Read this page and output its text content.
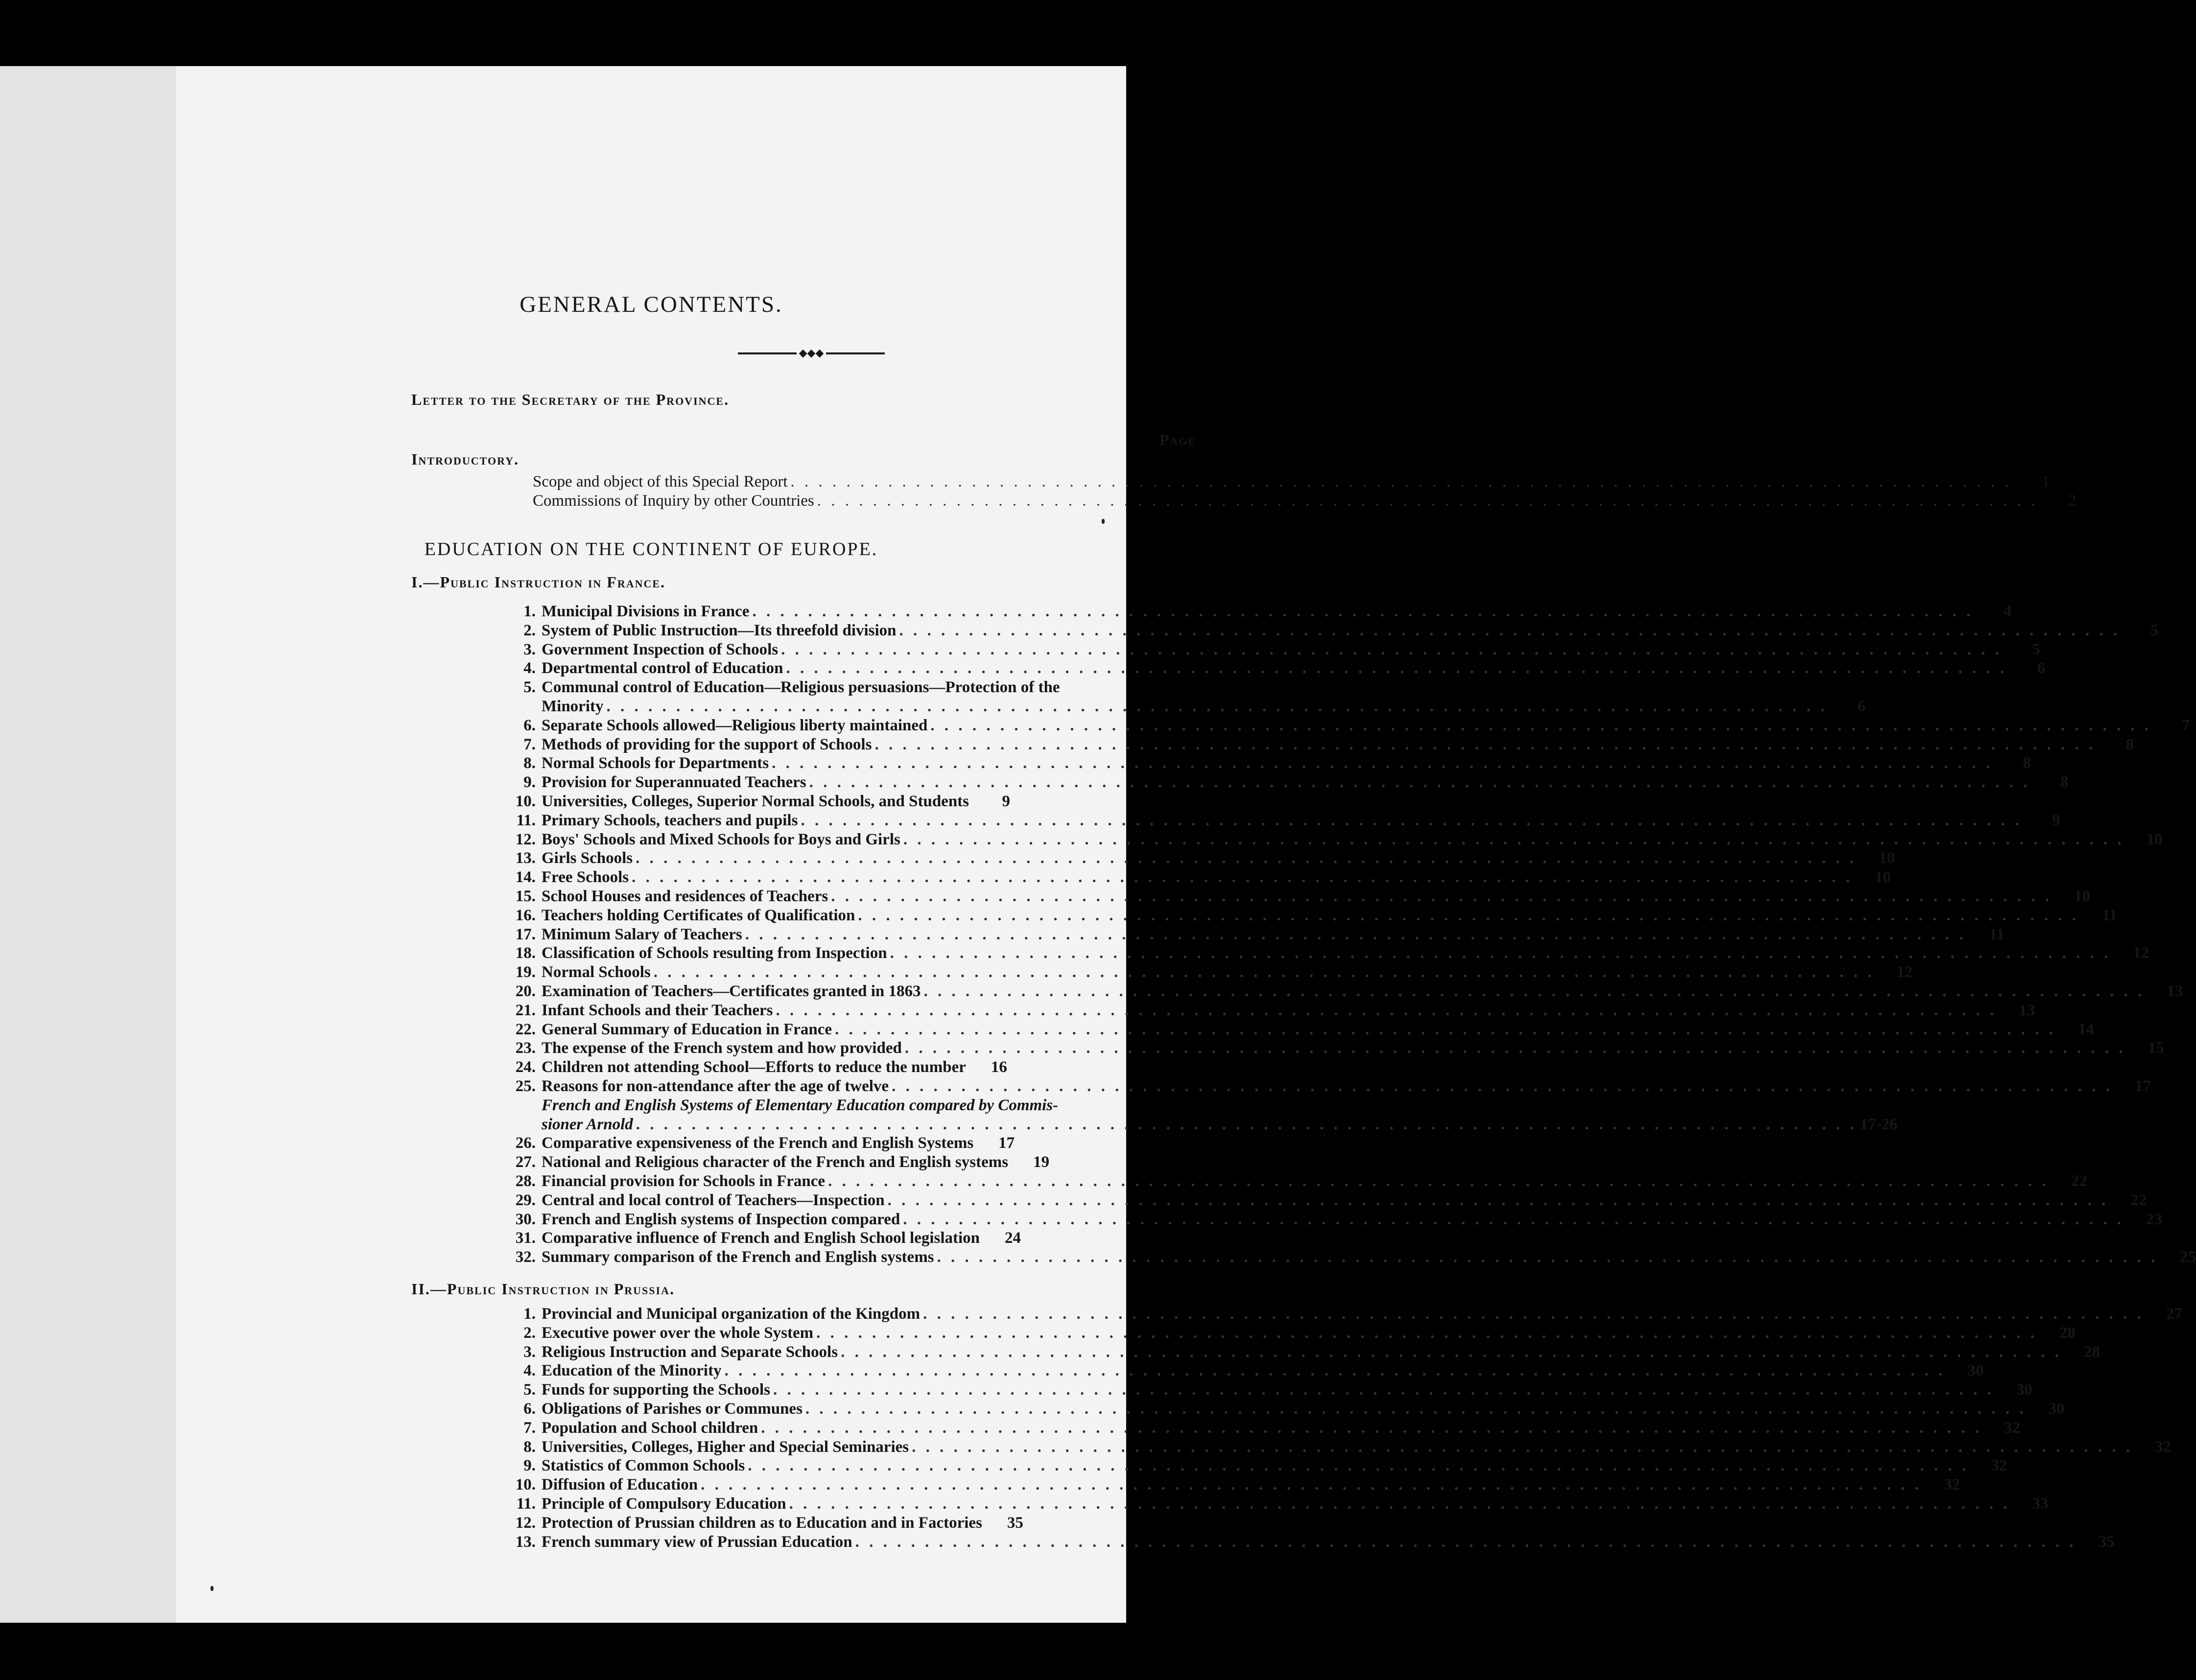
GENERAL CONTENTS.
◆◆◆
Letter to the Secretary of the Province.
Page
Introductory.
Scope and object of this Special Report . . .	1
Commissions of Inquiry by other Countries . . .	2
EDUCATION ON THE CONTINENT OF EUROPE.
I.—Public Instruction in France.
1. Municipal Divisions in France . . .	4
2. System of Public Instruction—Its threefold division . . .	5
3. Government Inspection of Schools . . .	5
4. Departmental control of Education . . .	6
5. Communal control of Education—Religious persuasions—Protection of the
Minority . . .	6
6. Separate Schools allowed—Religious liberty maintained . . .	7
7. Methods of providing for the support of Schools . . .	8
8. Normal Schools for Departments . . .	8
9. Provision for Superannuated Teachers . . .	8
10. Universities, Colleges, Superior Normal Schools, and Students	9
11. Primary Schools, teachers and pupils . . .	9
12. Boys' Schools and Mixed Schools for Boys and Girls . . .	10
13. Girls Schools . . .	10
14. Free Schools . . .	10
15. School Houses and residences of Teachers . . .	10
16. Teachers holding Certificates of Qualification . . .	11
17. Minimum Salary of Teachers . . .	11
18. Classification of Schools resulting from Inspection . . .	12
19. Normal Schools . . .	12
20. Examination of Teachers—Certificates granted in 1863 . . .	13
21. Infant Schools and their Teachers . . .	13
22. General Summary of Education in France . . .	14
23. The expense of the French system and how provided . . .	15
24. Children not attending School—Efforts to reduce the number	16
25. Reasons for non-attendance after the age of twelve . . .	17
French and English Systems of Elementary Education compared by Commis-
sioner Arnold . . .	17-26
26. Comparative expensiveness of the French and English Systems	17
27. National and Religious character of the French and English systems	19
28. Financial provision for Schools in France . . .	22
29. Central and local control of Teachers—Inspection . . .	22
30. French and English systems of Inspection compared . . .	23
31. Comparative influence of French and English School legislation	24
32. Summary comparison of the French and English systems . . .	25
II.—Public Instruction in Prussia.
1. Provincial and Municipal organization of the Kingdom . . .	27
2. Executive power over the whole System . . .	28
3. Religious Instruction and Separate Schools . . .	28
4. Education of the Minority . . .	30
5. Funds for supporting the Schools . . .	30
6. Obligations of Parishes or Communes . . .	30
7. Population and School children . . .	32
8. Universities, Colleges, Higher and Special Seminaries . . .	32
9. Statistics of Common Schools . . .	32
10. Diffusion of Education . . .	32
11. Principle of Compulsory Education . . .	33
12. Protection of Prussian children as to Education and in Factories	35
13. French summary view of Prussian Education . . .	35
